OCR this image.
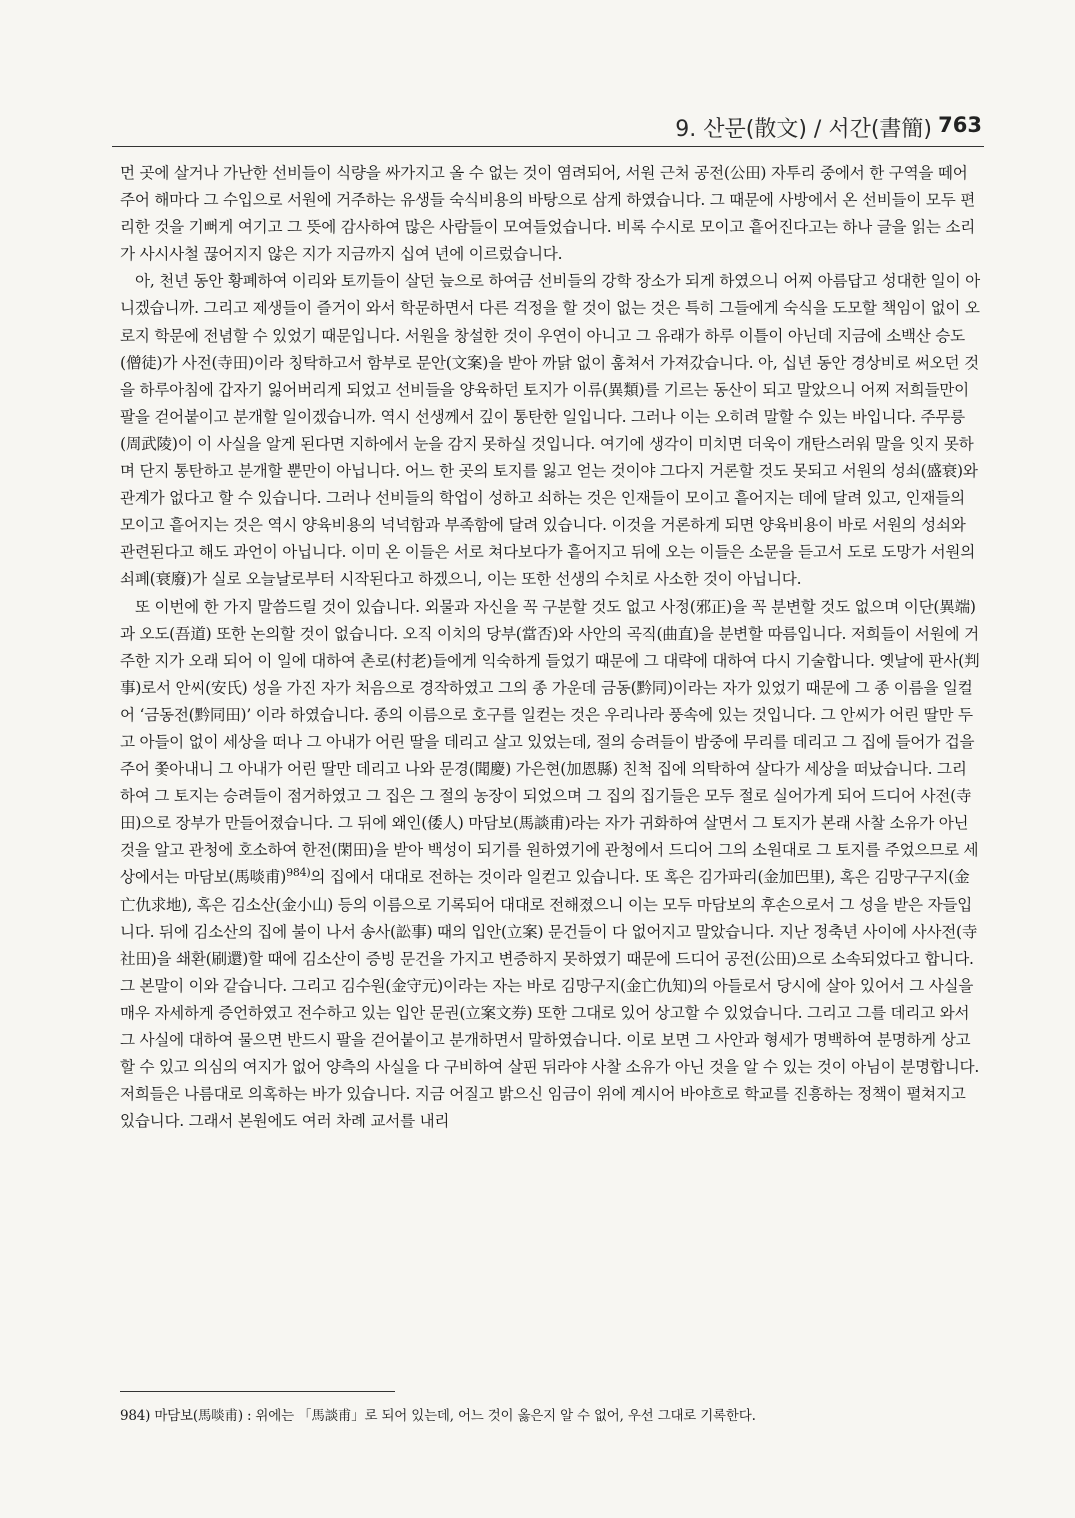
9. 산문(散文) / 서간(書簡) 763

먼 곳에 살거나 가난한 선비들이 식량을 싸가지고 올 수 없는 것이 염려되어, 서원 근처 공전(公田) 자투리 중에서 한 구역을 떼어주어 해마다 그 수입으로 서원에 거주하는 유생들 숙식비용의 바탕으로 삼게 하였습니다. 그 때문에 사방에서 온 선비들이 모두 편리한 것을 기뻐게 여기고 그 뜻에 감사하여 많은 사람들이 모여들었습니다. 비록 수시로 모이고 흩어진다고는 하나 글을 읽는 소리가 사시사철 끊어지지 않은 지가 지금까지 십여 년에 이르렀습니다.

아, 천년 동안 황폐하여 이리와 토끼들이 살던 늪으로 하여금 선비들의 강학 장소가 되게 하였으니 어찌 아름답고 성대한 일이 아니겠습니까. 그리고 제생들이 즐거이 와서 학문하면서 다른 걱정을 할 것이 없는 것은 특히 그들에게 숙식을 도모할 책임이 없이 오로지 학문에 전념할 수 있었기 때문입니다. 서원을 창설한 것이 우연이 아니고 그 유래가 하루 이틀이 아닌데 지금에 소백산 승도(僧徒)가 사전(寺田)이라 칭탁하고서 함부로 문안(文案)을 받아 까닭 없이 훔쳐서 가져갔습니다. 아, 십년 동안 경상비로 써오던 것을 하루아침에 갑자기 잃어버리게 되었고 선비들을 양육하던 토지가 이류(異類)를 기르는 동산이 되고 말았으니 어찌 저희들만이 팔을 걷어붙이고 분개할 일이겠습니까. 역시 선생께서 깊이 통탄한 일입니다. 그러나 이는 오히려 말할 수 있는 바입니다. 주무릉(周武陵)이 이 사실을 알게 된다면 지하에서 눈을 감지 못하실 것입니다. 여기에 생각이 미치면 더욱이 개탄스러워 말을 잇지 못하며 단지 통탄하고 분개할 뿐만이 아닙니다. 어느 한 곳의 토지를 잃고 얻는 것이야 그다지 거론할 것도 못되고 서원의 성쇠(盛衰)와 관계가 없다고 할 수 있습니다. 그러나 선비들의 학업이 성하고 쇠하는 것은 인재들이 모이고 흩어지는 데에 달려 있고, 인재들의 모이고 흩어지는 것은 역시 양육비용의 넉넉함과 부족함에 달려 있습니다. 이것을 거론하게 되면 양육비용이 바로 서원의 성쇠와 관련된다고 해도 과언이 아닙니다. 이미 온 이들은 서로 쳐다보다가 흩어지고 뒤에 오는 이들은 소문을 듣고서 도로 도망가 서원의 쇠폐(衰廢)가 실로 오늘날로부터 시작된다고 하겠으니, 이는 또한 선생의 수치로 사소한 것이 아닙니다.

또 이번에 한 가지 말씀드릴 것이 있습니다. 외물과 자신을 꼭 구분할 것도 없고 사정(邪正)을 꼭 분변할 것도 없으며 이단(異端)과 오도(吾道) 또한 논의할 것이 없습니다. 오직 이치의 당부(當否)와 사안의 곡직(曲直)을 분변할 따름입니다. 저희들이 서원에 거주한 지가 오래 되어 이 일에 대하여 촌로(村老)들에게 익숙하게 들었기 때문에 그 대략에 대하여 다시 기술합니다. 옛날에 판사(判事)로서 안씨(安氏) 성을 가진 자가 처음으로 경작하였고 그의 종 가운데 금동(黔同)이라는 자가 있었기 때문에 그 종 이름을 일컬어 ‘금동전(黔同田)’ 이라 하였습니다. 종의 이름으로 호구를 일컫는 것은 우리나라 풍속에 있는 것입니다. 그 안씨가 어린 딸만 두고 아들이 없이 세상을 떠나 그 아내가 어린 딸을 데리고 살고 있었는데, 절의 승려들이 밤중에 무리를 데리고 그 집에 들어가 겁을 주어 쫓아내니 그 아내가 어린 딸만 데리고 나와 문경(聞慶) 가은현(加恩縣) 친척 집에 의탁하여 살다가 세상을 떠났습니다. 그리하여 그 토지는 승려들이 점거하였고 그 집은 그 절의 농장이 되었으며 그 집의 집기들은 모두 절로 실어가게 되어 드디어 사전(寺田)으로 장부가 만들어졌습니다. 그 뒤에 왜인(倭人) 마담보(馬談甫)라는 자가 귀화하여 살면서 그 토지가 본래 사찰 소유가 아닌 것을 알고 관청에 호소하여 한전(閑田)을 받아 백성이 되기를 원하였기에 관청에서 드디어 그의 소원대로 그 토지를 주었으므로 세상에서는 마담보(馬啖甫)$^{984)}$의 집에서 대대로 전하는 것이라 일컫고 있습니다. 또 혹은 김가파리(金加巴里), 혹은 김망구구지(金亡仇求地), 혹은 김소산(金小山) 등의 이름으로 기록되어 대대로 전해졌으니 이는 모두 마담보의 후손으로서 그 성을 받은 자들입니다. 뒤에 김소산의 집에 불이 나서 송사(訟事) 때의 입안(立案) 문건들이 다 없어지고 말았습니다. 지난 정축년 사이에 사사전(寺社田)을 쇄환(刷還)할 때에 김소산이 증빙 문건을 가지고 변증하지 못하였기 때문에 드디어 공전(公田)으로 소속되었다고 합니다. 그 본말이 이와 같습니다. 그리고 김수원(金守元)이라는 자는 바로 김망구지(金亡仇知)의 아들로서 당시에 살아 있어서 그 사실을 매우 자세하게 증언하였고 전수하고 있는 입안 문권(立案文券) 또한 그대로 있어 상고할 수 있었습니다. 그리고 그를 데리고 와서 그 사실에 대하여 물으면 반드시 팔을 걷어붙이고 분개하면서 말하였습니다. 이로 보면 그 사안과 형세가 명백하여 분명하게 상고할 수 있고 의심의 여지가 없어 양측의 사실을 다 구비하여 살핀 뒤라야 사찰 소유가 아닌 것을 알 수 있는 것이 아님이 분명합니다. 저희들은 나름대로 의혹하는 바가 있습니다. 지금 어질고 밝으신 임금이 위에 계시어 바야흐로 학교를 진흥하는 정책이 펼쳐지고 있습니다. 그래서 본원에도 여러 차례 교서를 내리

984) 마담보(馬啖甫) : 위에는 「馬談甫」로 되어 있는데, 어느 것이 옳은지 알 수 없어, 우선 그대로 기록한다.
